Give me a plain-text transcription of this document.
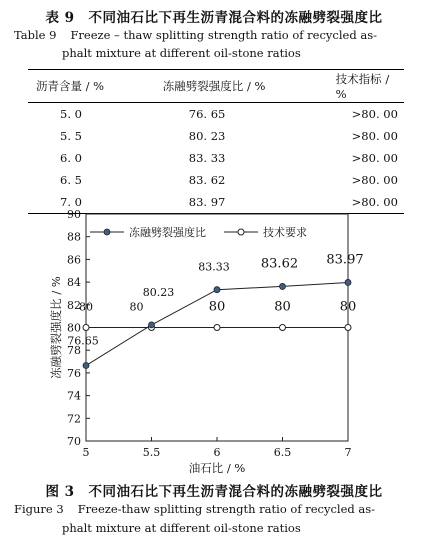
表 9　不同油石比下再生沥青混合料的冻融劈裂强度比
Table 9 Freeze – thaw splitting strength ratio of recycled as-
phalt mixture at different oil-stone ratios
沥青含量 / %	冻融劈裂强度比 / %	技术指标 / %
5. 0	76. 65	>80. 00
5. 5	80. 23	>80. 00
6. 0	83. 33	>80. 00
6. 5	83. 62	>80. 00
7. 0	83. 97	>80. 00
70
72
74
76
78
80
82
84
86
88
90
5	5.5	6	6.5	7
油石比 / %
冻融劈裂强度比 / % 76.65
80.23
83.33 83.62 83.97
80	80	80	80	80
冻融劈裂强度比	技术要求
图 3　不同油石比下再生沥青混合料的冻融劈裂强度比
Figure 3 Freeze-thaw splitting strength ratio of recycled as-
phalt mixture at different oil-stone ratios
